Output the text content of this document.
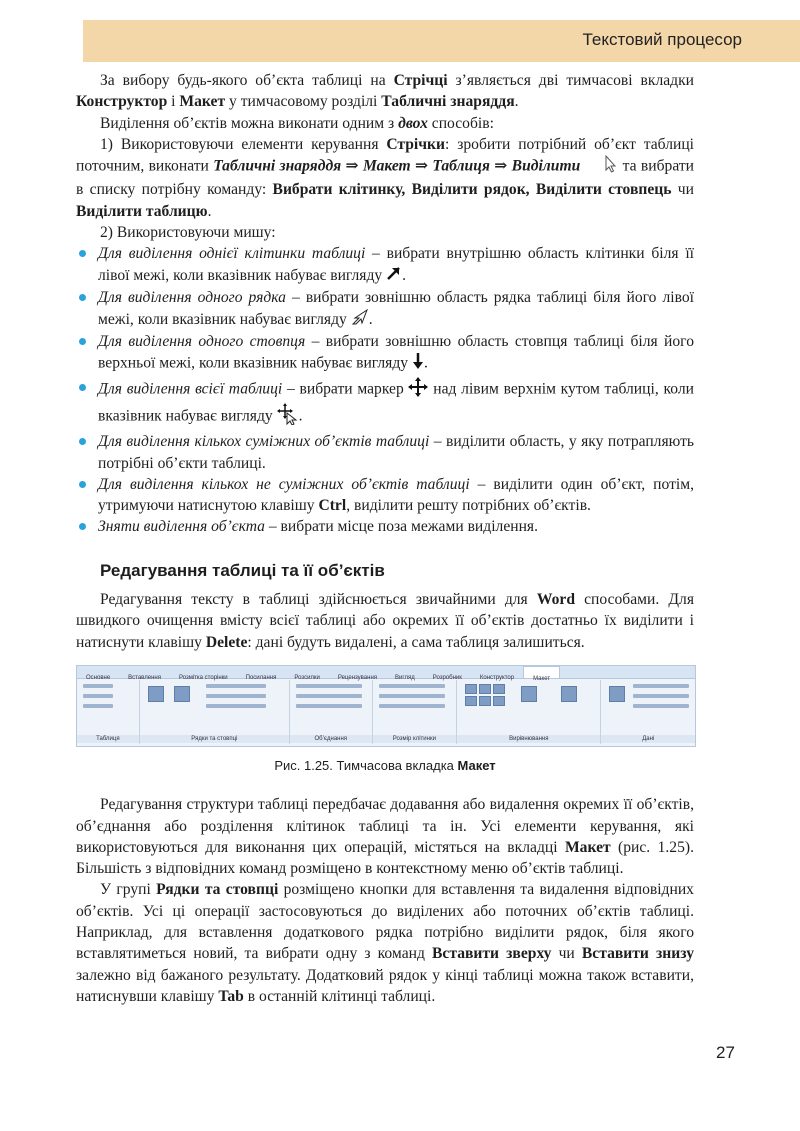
Текстовий процесор

За вибору будь-якого об’єкта таблиці на Стрічці з’являється дві тимчасові вкладки Конструктор і Макет у тимчасовому розділі Табличні знаряддя.

Виділення об’єктів можна виконати одним з двох способів:

1) Використовуючи елементи керування Стрічки: зробити потрібний об’єкт таблиці поточним, виконати Табличні знаряддя ⇒ Макет ⇒ Таблиця ⇒ Виділити та вибрати в списку потрібну команду: Вибрати клітинку, Виділити рядок, Виділити стовпець чи Виділити таблицю.

2) Використовуючи мишу:

Для виділення однієї клітинки таблиці – вибрати внутрішню область клітинки біля її лівої межі, коли вказівник набуває вигляду .
Для виділення одного рядка – вибрати зовнішню область рядка таблиці біля його лівої межі, коли вказівник набуває вигляду .
Для виділення одного стовпця – вибрати зовнішню область стовпця таблиці біля його верхньої межі, коли вказівник набуває вигляду .
Для виділення всієї таблиці – вибрати маркер  над лівим верхнім кутом таблиці, коли вказівник набуває вигляду .
Для виділення кількох суміжних об’єктів таблиці – виділити область, у яку потрапляють потрібні об’єкти таблиці.
Для виділення кількох не суміжних об’єктів таблиці – виділити один об’єкт, потім, утримуючи натиснутою клавішу Ctrl, виділити решту потрібних об’єктів.
Зняти виділення об’єкта – вибрати місце поза межами виділення.
Редагування таблиці та її об’єктів

Редагування тексту в таблиці здійснюється звичайними для Word способами. Для швидкого очищення вмісту всієї таблиці або окремих її об’єктів достатньо їх виділити і натиснути клавішу Delete: дані будуть видалені, а сама таблиця залишиться.

Основне	Вставлення	Розмітка сторінки	Посилання	Розсилки	Рецензування	Вигляд	Розробник	Конструктор	Макет
Таблиця	Рядки та стовпці	Об’єднання	Розмір клітинки	Вирівнювання	Дані
Рис. 1.25. Тимчасова вкладка Макет

Редагування структури таблиці передбачає додавання або видалення окремих її об’єктів, об’єднання або розділення клітинок таблиці та ін. Усі елементи керування, які використовуються для виконання цих операцій, містяться на вкладці Макет (рис. 1.25). Більшість з відповідних команд розміщено в контекстному меню об’єктів таблиці.

У групі Рядки та стовпці розміщено кнопки для вставлення та видалення відповідних об’єктів. Усі ці операції застосовуються до виділених або поточних об’єктів таблиці. Наприклад, для вставлення додаткового рядка потрібно виділити рядок, біля якого вставлятиметься новий, та вибрати одну з команд Вставити зверху чи Вставити знизу залежно від бажаного результату. Додатковий рядок у кінці таблиці можна також вставити, натиснувши клавішу Tab в останній клітинці таблиці.

27
